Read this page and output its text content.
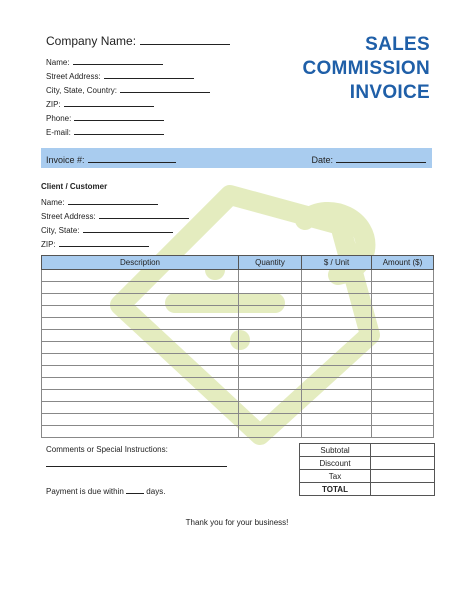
Company Name:	SALES
COMMISSION
INVOICE
Name:
Street Address:
City, State, Country:
ZIP:
Phone:
E-mail:
Invoice #:	Date:
Client / Customer
Name:
Street Address:
City, State:
ZIP:
Description	Quantity	$ / Unit	Amount ($)

Comments or Special Instructions:
Payment is due within	days.
Subtotal	
Discount	
Tax	
TOTAL	
Thank you for your business!
